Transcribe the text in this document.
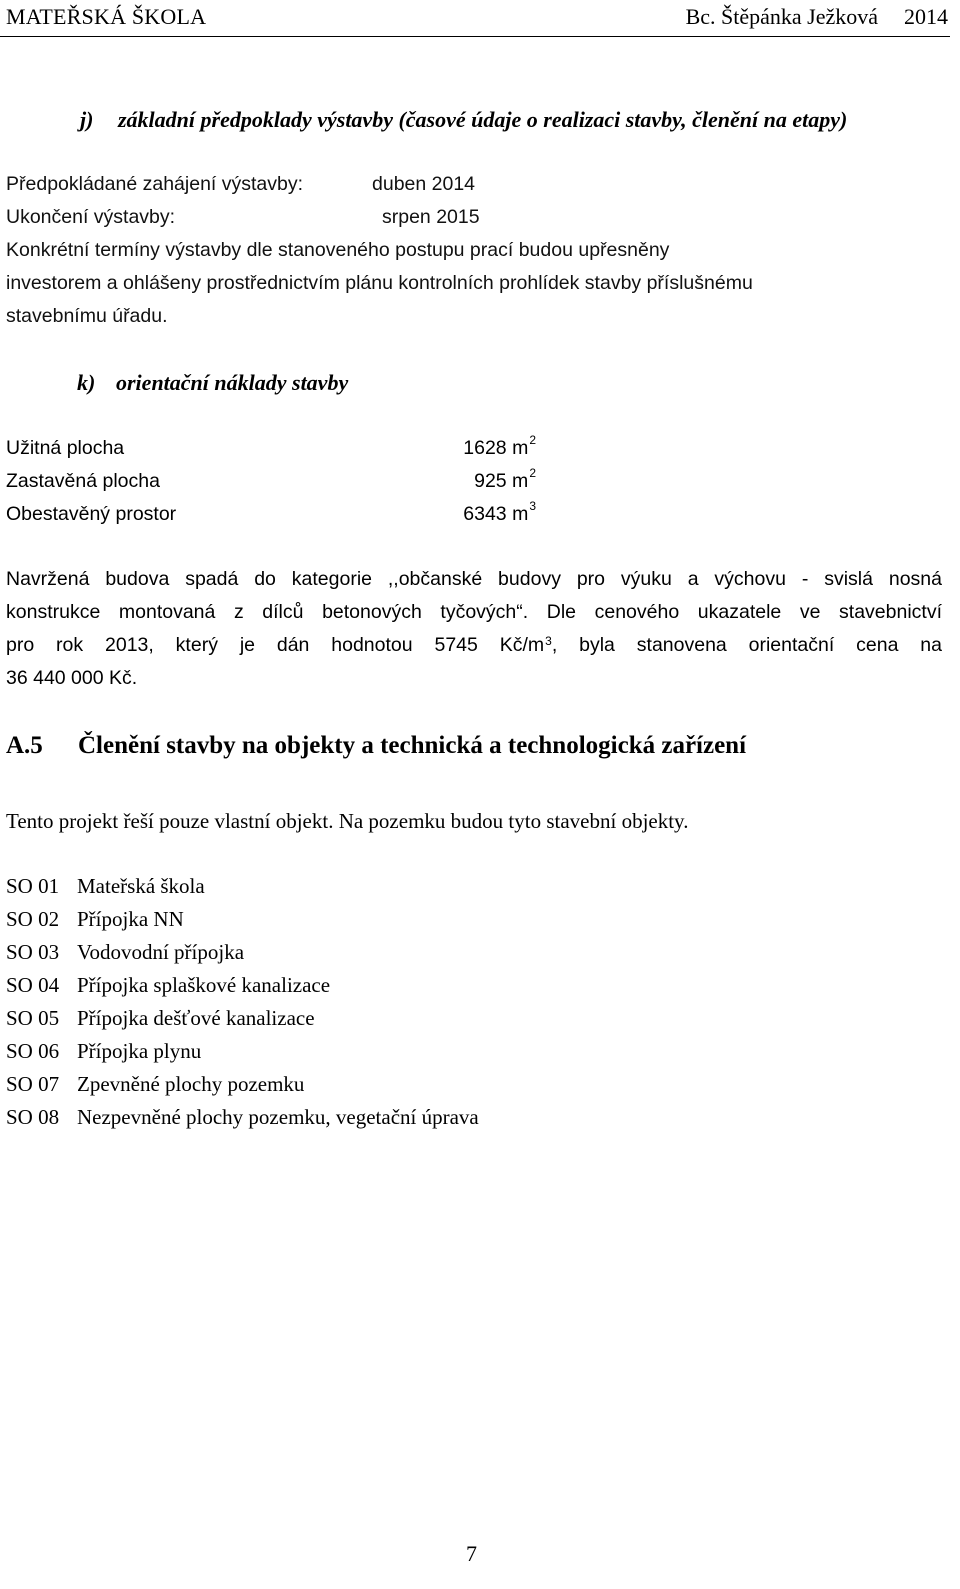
MATEŘSKÁ ŠKOLA	Bc. Štěpánka Ježková 2014
j) základní předpoklady výstavby (časové údaje o realizaci stavby, členění na etapy)
Předpokládané zahájení výstavby:	duben 2014
Ukončení výstavby:	srpen 2015
Konkrétní termíny výstavby dle stanoveného postupu prací budou upřesněny
investorem a ohlášeny prostřednictvím plánu kontrolních prohlídek stavby příslušnému
stavebnímu úřadu.
k) orientační náklady stavby
Užitná plocha	1628 $m^2$
Zastavěná plocha	925 $m^2$
Obestavěný prostor	6343 $m^3$
Navržená budova spadá do kategorie ,,občanské budovy pro výuku a výchovu - svislá nosná
konstrukce montovaná z dílců betonových tyčových“. Dle cenového ukazatele ve stavebnictví
pro rok 2013, který je dán hodnotou 5745 $Kč/m^3$, byla stanovena orientační cena na
36 440 000 Kč.
A.5 Členění stavby na objekty a technická a technologická zařízení
Tento projekt řeší pouze vlastní objekt. Na pozemku budou tyto stavební objekty.
SO 01 Mateřská škola
SO 02 Přípojka NN
SO 03 Vodovodní přípojka
SO 04 Přípojka splaškové kanalizace
SO 05 Přípojka dešťové kanalizace
SO 06 Přípojka plynu
SO 07 Zpevněné plochy pozemku
SO 08 Nezpevněné plochy pozemku, vegetační úprava
7
